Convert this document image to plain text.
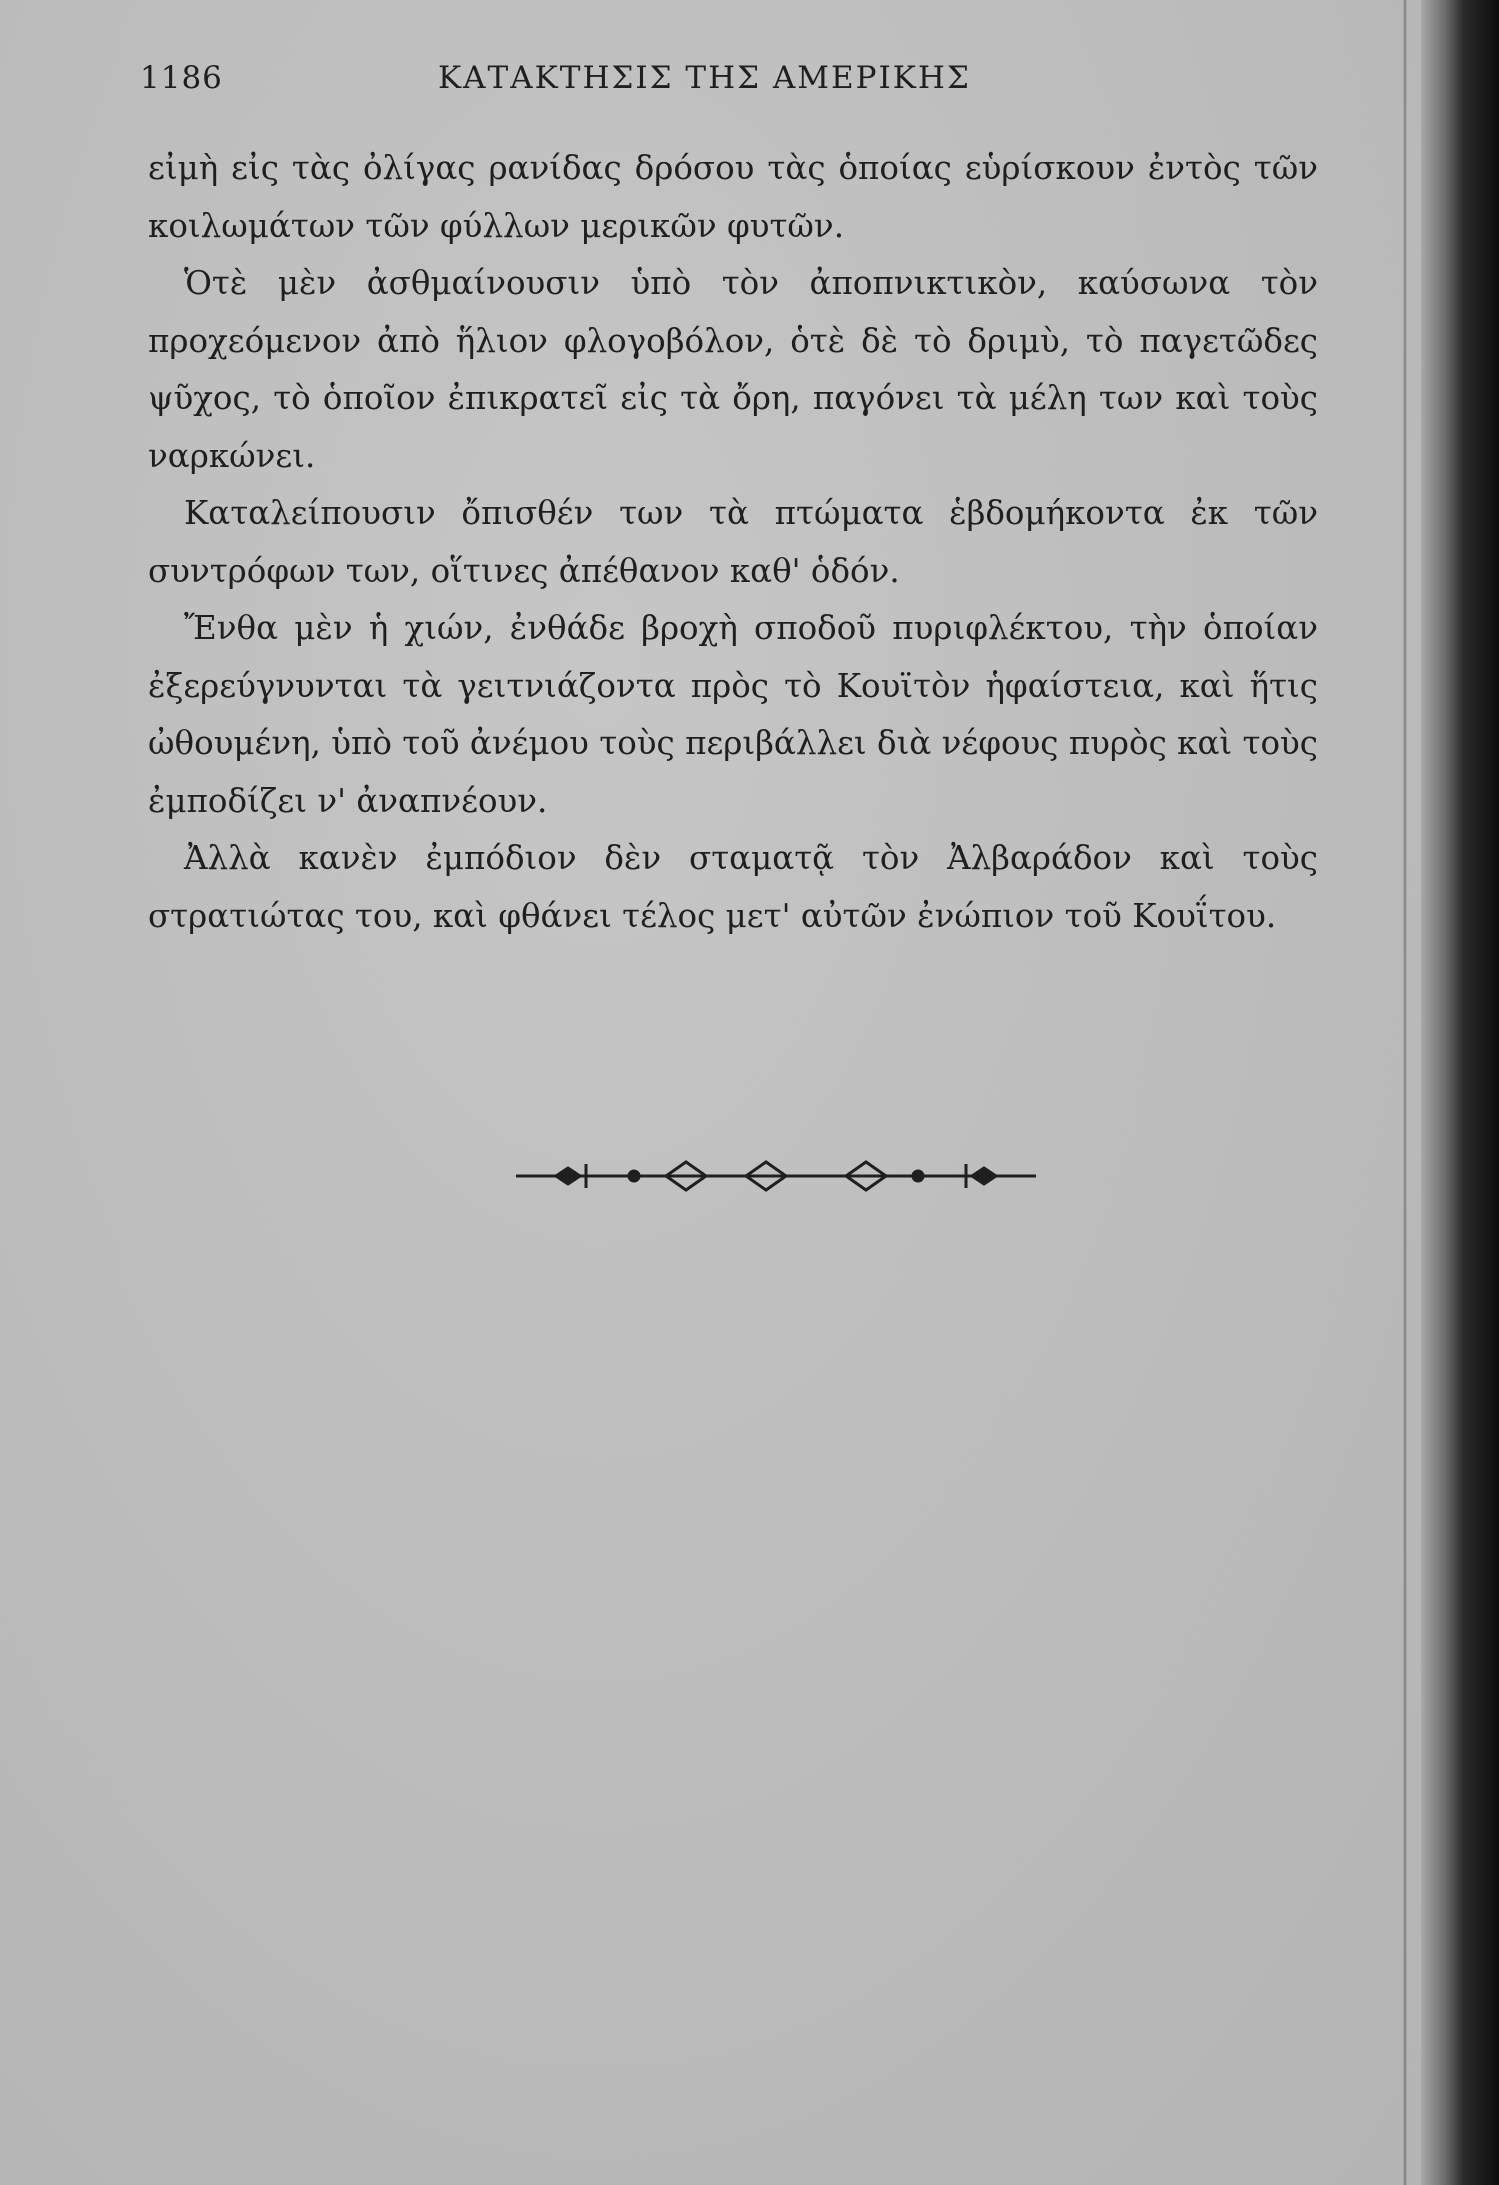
1186	ΚΑΤΑΚΤΗΣΙΣ ΤΗΣ ΑΜΕΡΙΚΗΣ

εἰμὴ εἰς τὰς ὀλίγας ρανίδας δρόσου τὰς ὁποίας εὑρίσκουν ἐντὸς τῶν κοιλωμάτων τῶν φύλλων μερικῶν φυτῶν.

Ὁτὲ μὲν ἀσθμαίνουσιν ὑπὸ τὸν ἀποπνικτικὸν, καύσωνα τὸν προχεόμενον ἀπὸ ἥλιον φλογοβόλον, ὁτὲ δὲ τὸ δριμὺ, τὸ παγετῶδες ψῦχος, τὸ ὁποῖον ἐπικρατεῖ εἰς τὰ ὄρη, παγόνει τὰ μέλη των καὶ τοὺς ναρκώνει.

Καταλείπουσιν ὄπισθέν των τὰ πτώματα ἑβδομήκοντα ἐκ τῶν συντρόφων των, οἵτινες ἀπέθανον καθ' ὁδόν.

Ἔνθα μὲν ἡ χιών, ἐνθάδε βροχὴ σποδοῦ πυριφλέκτου, τὴν ὁποίαν ἐξερεύγνυνται τὰ γειτνιάζοντα πρὸς τὸ Κουϊτὸν ἡφαίστεια, καὶ ἥτις ὠθουμένη, ὑπὸ τοῦ ἀνέμου τοὺς περιβάλλει διὰ νέφους πυρὸς καὶ τοὺς ἐμποδίζει ν' ἀναπνέουν.

Ἀλλὰ κανὲν ἐμπόδιον δὲν σταματᾷ τὸν Ἀλβαράδον καὶ τοὺς στρατιώτας του, καὶ φθάνει τέλος μετ' αὐτῶν ἐνώπιον τοῦ Κουΐτου.
